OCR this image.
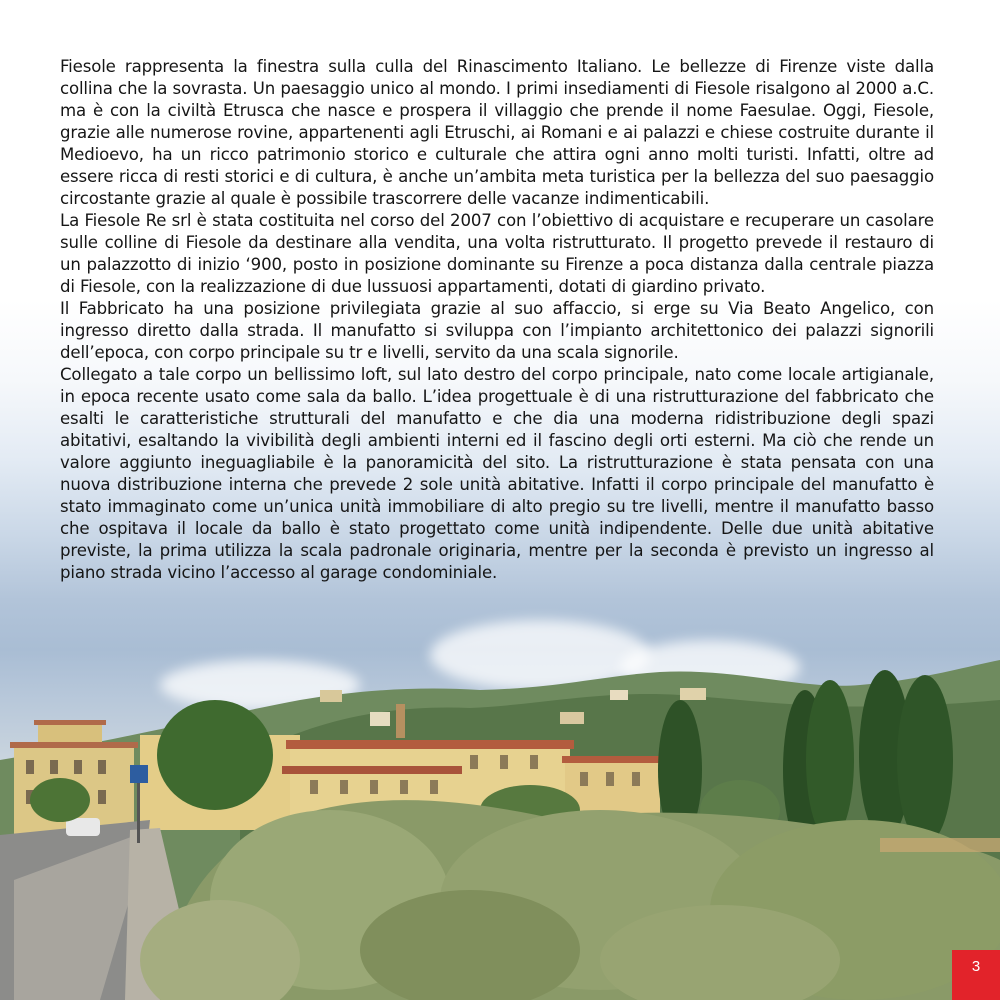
Fiesole rappresenta la finestra sulla culla del Rinascimento Italiano. Le bellezze di Firenze viste dalla collina che la sovrasta. Un paesaggio unico al mondo. I primi insediamenti di Fiesole risalgono al 2000 a.C. ma è con la civiltà Etrusca che nasce e prospera il villaggio che prende il nome Faesulae. Oggi, Fiesole, grazie alle numerose rovine, appartenenti agli Etruschi, ai Romani e ai palazzi e chiese costruite durante il Medioevo, ha un ricco patrimonio storico e culturale che attira ogni anno molti turisti. Infatti, oltre ad essere ricca di resti storici e di cultura, è anche un’ambita meta turistica per la bellezza del suo paesaggio circostante grazie al quale è possibile trascorrere delle vacanze indimenticabili.

La Fiesole Re srl è stata costituita nel corso del 2007 con l’obiettivo di acquistare e recuperare un casolare sulle colline di Fiesole da destinare alla vendita, una volta ristrutturato. Il progetto prevede il restauro di un palazzotto di inizio ‘900, posto in posizione dominante su Firenze a poca distanza dalla centrale piazza di Fiesole, con la realizzazione di due lussuosi appartamenti, dotati di giardino privato.

Il Fabbricato ha una posizione privilegiata grazie al suo affaccio, si erge su Via Beato Angelico, con ingresso diretto dalla strada. Il manufatto si sviluppa con l’impianto architettonico dei palazzi signorili dell’epoca, con corpo principale su tr e livelli, servito da una scala signorile.

Collegato a tale corpo un bellissimo loft, sul lato destro del corpo principale, nato come locale artigianale, in epoca recente usato come sala da ballo. L’idea progettuale è di una ristrutturazione del fabbricato che esalti le caratteristiche strutturali del manufatto e che dia una moderna ridistribuzione degli spazi abitativi, esaltando la vivibilità degli ambienti interni ed il fascino degli orti esterni. Ma ciò che rende un valore aggiunto ineguagliabile è la panoramicità del sito. La ristrutturazione è stata pensata con una nuova distribuzione interna che prevede 2 sole unità abitative. Infatti il corpo principale del manufatto è stato immaginato come un’unica unità immobiliare di alto pregio su tre livelli, mentre il manufatto basso che ospitava il locale da ballo è stato progettato come unità indipendente. Delle due unità abitative previste, la prima utilizza la scala padronale originaria, mentre per la seconda è previsto un ingresso al piano strada vicino l’accesso al garage condominiale.

3
